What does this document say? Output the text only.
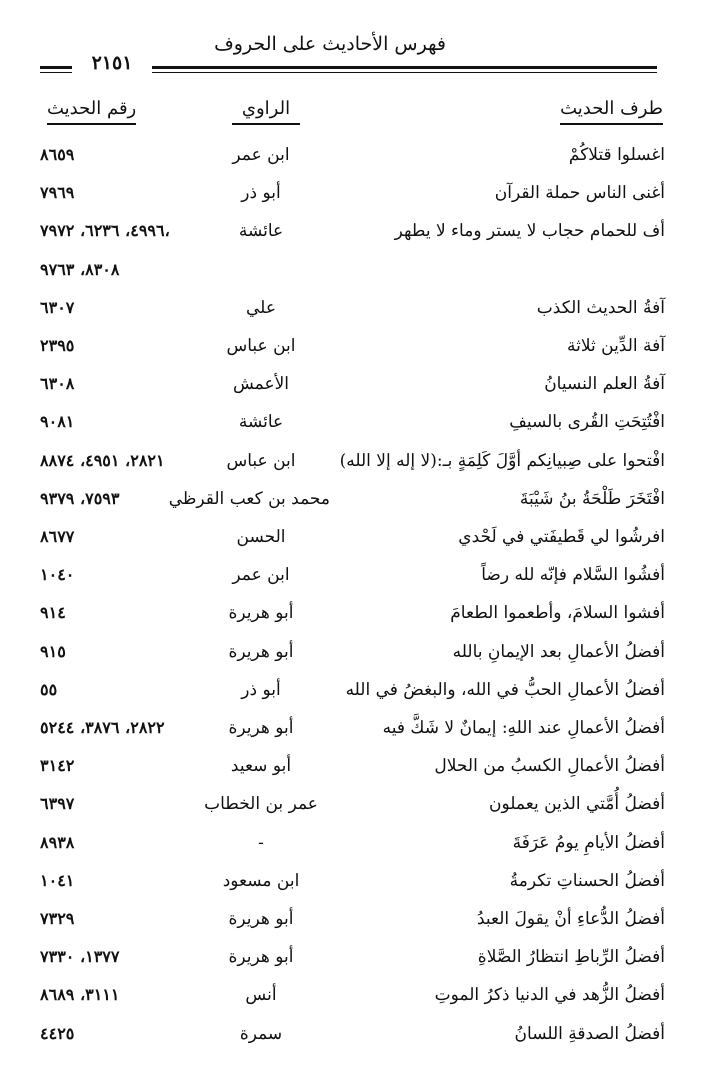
فهرس الأحاديث على الحروف
٢١٥١
طرف الحديث
الراوي
رقم الحديث
اغسلوا قتلاكُمْ
ابن عمر
٨٦٥٩
أغنى الناس حملة القرآن
أبو ذر
٧٩٦٩
أف للحمام حجاب لا يستر وماء لا يطهر
عائشة
٤٩٩٦، ٦٢٣٦، ٧٩٧٢،
٨٣٠٨، ٩٧٦٣
آفةُ الحديث الكذب
علي
٦٣٠٧
آفة الدِّين ثلاثة
ابن عباس
٢٣٩٥
آفةُ العلم النسيانُ
الأعمش
٦٣٠٨
افْتُتِحَتِ القُرى بالسيفِ
عائشة
٩٠٨١
افْتحوا على صِبيانِكم أوَّلَ كَلِمَةٍ بـ:(لا إله إلا الله)
ابن عباس
٢٨٢١، ٤٩٥١، ٨٨٧٤
افْتَخَرَ طَلْحَةُ بنُ شَيْبَةَ
محمد بن كعب القرظي
٧٥٩٣، ٩٣٧٩
افرشُوا لي قَطيفَتي في لَحْدي
الحسن
٨٦٧٧
أفشُوا السَّلام فإنّه لله رضاً
ابن عمر
١٠٤٠
أفشوا السلامَ، وأطعموا الطعامَ
أبو هريرة
٩١٤
أفضلُ الأعمالِ بعد الإيمانِ بالله
أبو هريرة
٩١٥
أفضلُ الأعمالِ الحبُّ في الله، والبغضُ في الله
أبو ذر
٥٥
أفضلُ الأعمالِ عند اللهِ: إيمانٌ لا شَكَّ فيه
أبو هريرة
٢٨٢٢، ٣٨٧٦، ٥٢٤٤
أفضلُ الأعمالِ الكسبُ من الحلال
أبو سعيد
٣١٤٢
أفضلُ أُمَّتي الذين يعملون
عمر بن الخطاب
٦٣٩٧
أفضلُ الأيامِ يومُ عَرَفَةَ
-
٨٩٣٨
أفضلُ الحسناتِ تكرمةُ
ابن مسعود
١٠٤١
أفضلُ الدُّعاءِ أنْ يقولَ العبدُ
أبو هريرة
٧٣٢٩
أفضلُ الرِّباطِ انتظارُ الصَّلاةِ
أبو هريرة
١٣٧٧، ٧٣٣٠
أفضلُ الزُّهد في الدنيا ذكرُ الموتِ
أنس
٣١١١، ٨٦٨٩
أفضلُ الصدقةِ اللسانُ
سمرة
٤٤٢٥
